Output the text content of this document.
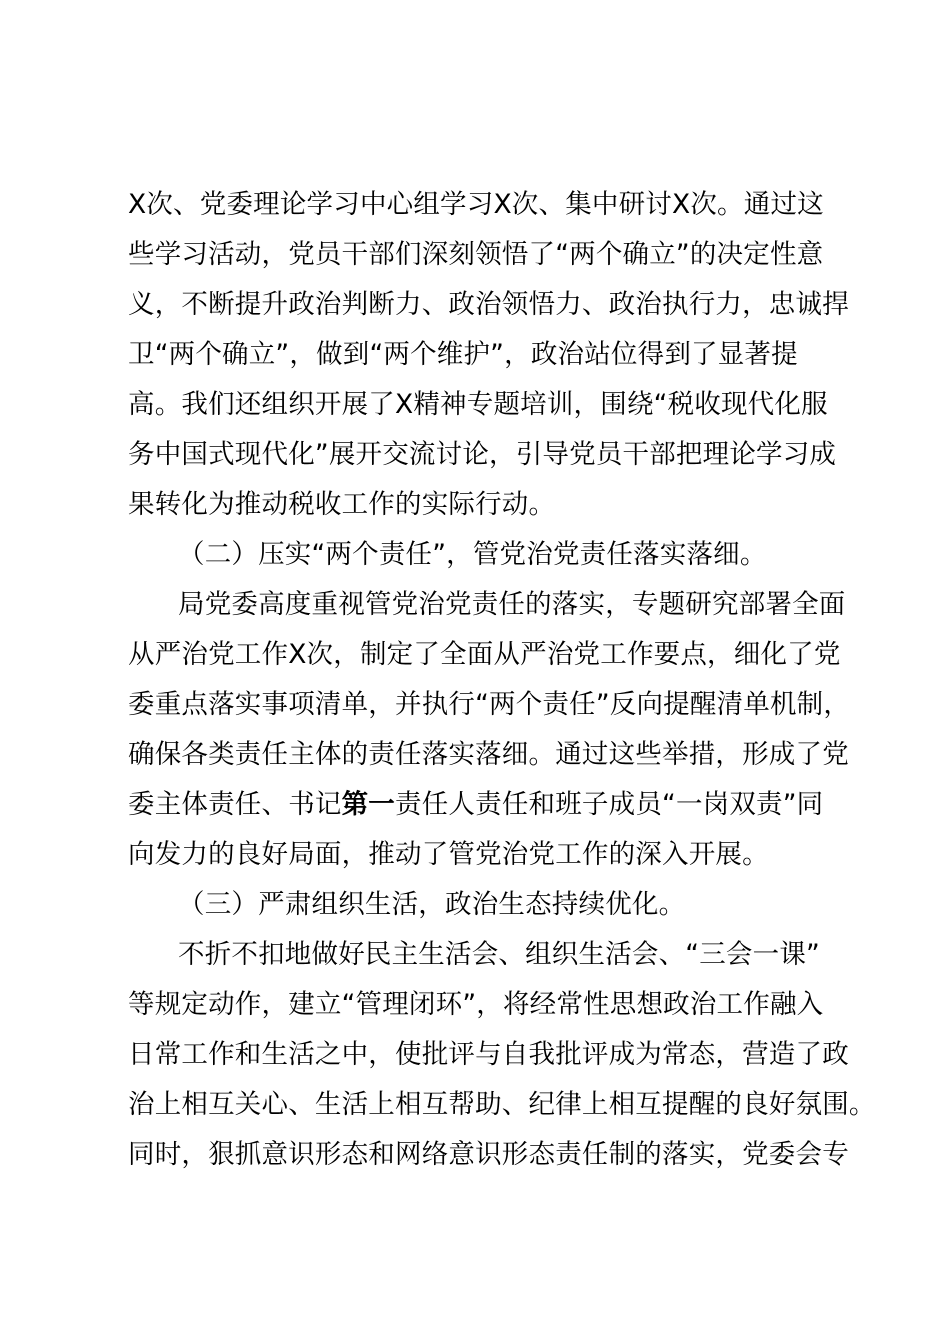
X次、党委理论学习中心组学习X次、集中研讨X次。通过这
些学习活动，党员干部们深刻领悟了“两个确立”的决定性意
义，不断提升政治判断力、政治领悟力、政治执行力，忠诚捍
卫“两个确立”，做到“两个维护”，政治站位得到了显著提
高。我们还组织开展了X精神专题培训，围绕“税收现代化服
务中国式现代化”展开交流讨论，引导党员干部把理论学习成
果转化为推动税收工作的实际行动。
（二）压实“两个责任”，管党治党责任落实落细。
局党委高度重视管党治党责任的落实，专题研究部署全面
从严治党工作X次，制定了全面从严治党工作要点，细化了党
委重点落实事项清单，并执行“两个责任”反向提醒清单机制，
确保各类责任主体的责任落实落细。通过这些举措，形成了党
委主体责任、书记第一责任人责任和班子成员“一岗双责”同
向发力的良好局面，推动了管党治党工作的深入开展。
（三）严肃组织生活，政治生态持续优化。
不折不扣地做好民主生活会、组织生活会、“三会一课”
等规定动作，建立“管理闭环”，将经常性思想政治工作融入
日常工作和生活之中，使批评与自我批评成为常态，营造了政
治上相互关心、生活上相互帮助、纪律上相互提醒的良好氛围。
同时，狠抓意识形态和网络意识形态责任制的落实，党委会专
